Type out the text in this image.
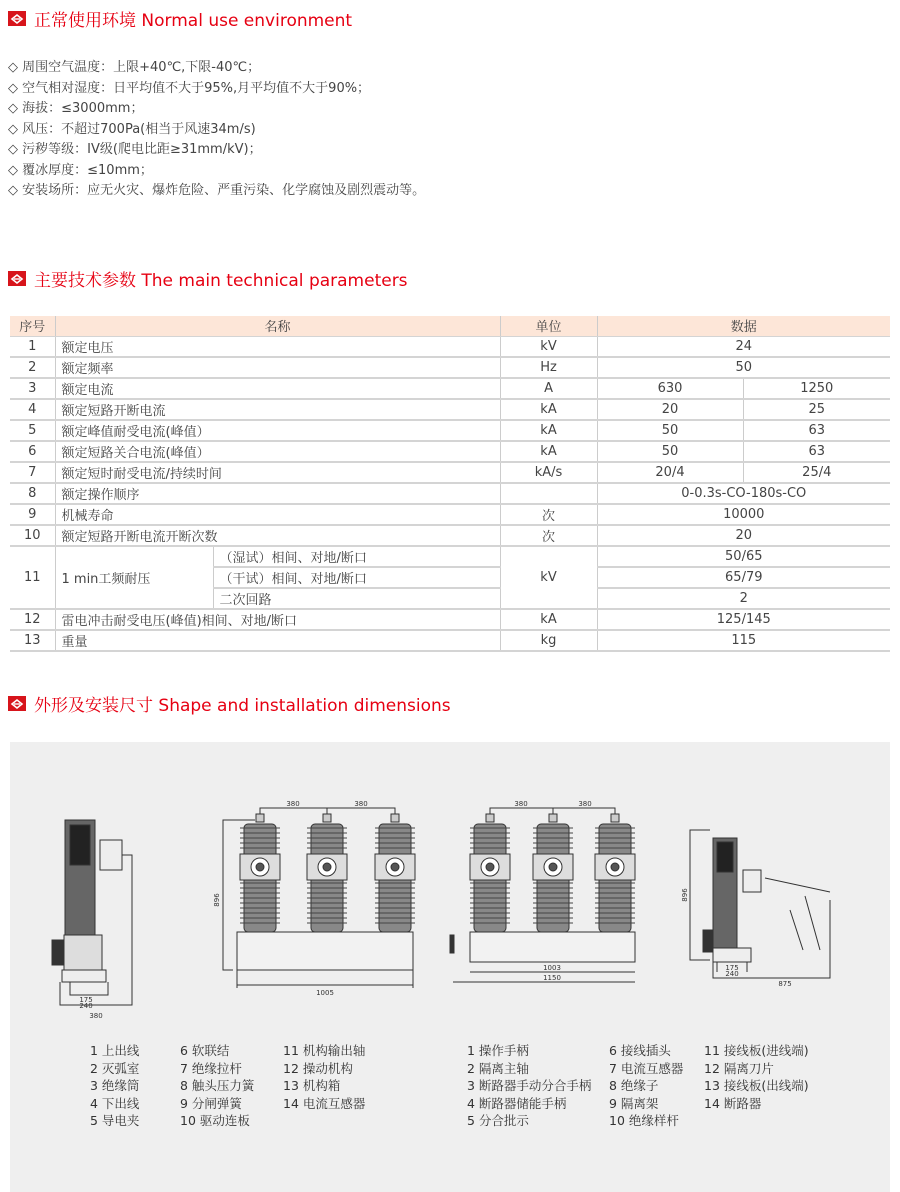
正常使用环境 Normal use environment
◇ 周围空气温度：上限+40℃,下限-40℃；
◇ 空气相对湿度：日平均值不大于95%,月平均值不大于90%；
◇ 海拔：≤3000mm；
◇ 风压：不超过700Pa(相当于风速34m/s)
◇ 污秽等级：IV级(爬电比距≥31mm/kV)；
◇ 覆冰厚度：≤10mm；
◇ 安装场所：应无火灾、爆炸危险、严重污染、化学腐蚀及剧烈震动等。
主要技术参数 The main technical parameters
序号	名称		单位	数据	
1	额定电压		kV	24	
2	额定频率		Hz	50	
3	额定电流		A	630	1250
4	额定短路开断电流		kA	20	25
5	额定峰值耐受电流(峰值）		kA	50	63
6	额定短路关合电流(峰值）		kA	50	63
7	额定短时耐受电流/持续时间		kA/s	20/4	25/4
8	额定操作顺序			0-0.3s-CO-180s-CO	
9	机械寿命		次	10000	
10	额定短路开断电流开断次数		次	20	
11	1 min工频耐压	（湿试）相间、对地/断口	kV	50/65	
		（干试）相间、对地/断口		65/79	
		二次回路		2	
12	雷电冲击耐受电压(峰值)相间、对地/断口		kA	125/145	
13	重量		kg	115	
外形及安装尺寸 Shape and installation dimensions
175
240
380
380	380
896
1005
380	380
1003
1150
896
175
240
875
1 上出线
2 灭弧室
3 绝缘筒
4 下出线
5 导电夹
6 软联结
7 绝缘拉杆
8 触头压力簧
9 分闸弹簧
10 驱动连板
11 机构输出轴
12 操动机构
13 机构箱
14 电流互感器
1 操作手柄
2 隔离主轴
3 断路器手动分合手柄
4 断路器储能手柄
5 分合批示
6 接线插头
7 电流互感器
8 绝缘子
9 隔离架
10 绝缘样杆
11 接线板(进线端)
12 隔离刀片
13 接线板(出线端)
14 断路器
